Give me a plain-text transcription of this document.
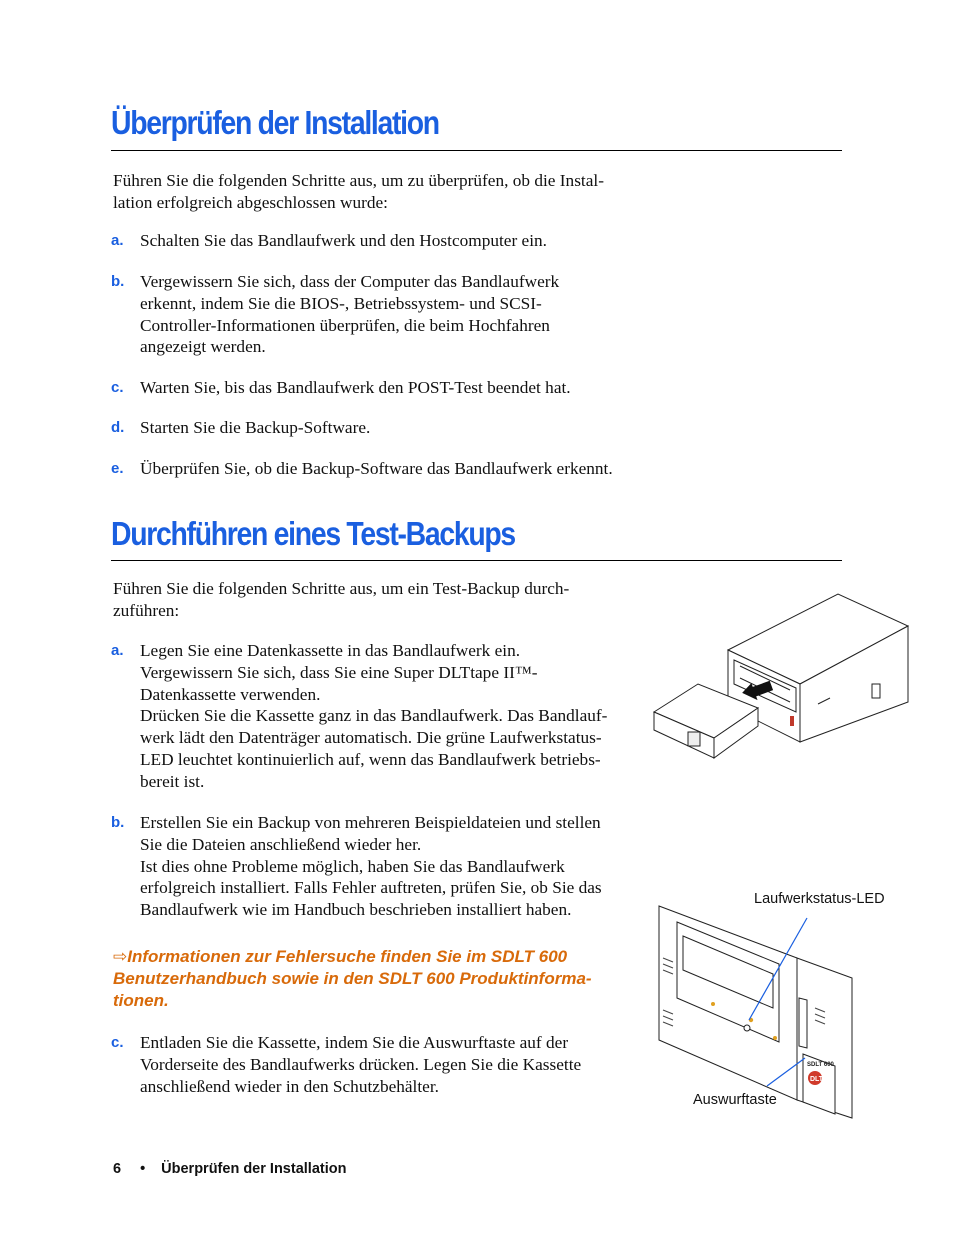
Überprüfen der Installation
Führen Sie die folgenden Schritte aus, um zu überprüfen, ob die Instal-
lation erfolgreich abgeschlossen wurde:
a. Schalten Sie das Bandlaufwerk und den Hostcomputer ein.
b. Vergewissern Sie sich, dass der Computer das Bandlaufwerk
erkennt, indem Sie die BIOS-, Betriebssystem- und SCSI-
Controller-Informationen überprüfen, die beim Hochfahren
angezeigt werden.
c. Warten Sie, bis das Bandlaufwerk den POST-Test beendet hat.
d. Starten Sie die Backup-Software.
e. Überprüfen Sie, ob die Backup-Software das Bandlaufwerk erkennt.
Durchführen eines Test-Backups
Führen Sie die folgenden Schritte aus, um ein Test-Backup durch-
zuführen:
a. Legen Sie eine Datenkassette in das Bandlaufwerk ein.
Vergewissern Sie sich, dass Sie eine Super DLTtape II™-
Datenkassette verwenden.
Drücken Sie die Kassette ganz in das Bandlaufwerk. Das Bandlauf-
werk lädt den Datenträger automatisch. Die grüne Laufwerkstatus-
LED leuchtet kontinuierlich auf, wenn das Bandlaufwerk betriebs-
bereit ist.
b. Erstellen Sie ein Backup von mehreren Beispieldateien und stellen
Sie die Dateien anschließend wieder her.
Ist dies ohne Probleme möglich, haben Sie das Bandlaufwerk
erfolgreich installiert. Falls Fehler auftreten, prüfen Sie, ob Sie das
Bandlaufwerk wie im Handbuch beschrieben installiert haben.
⇨Informationen zur Fehlersuche finden Sie im SDLT 600
Benutzerhandbuch sowie in den SDLT 600 Produktinforma-
tionen.
c. Entladen Sie die Kassette, indem Sie die Auswurftaste auf der
Vorderseite des Bandlaufwerks drücken. Legen Sie die Kassette
anschließend wieder in den Schutzbehälter.
SDLT 600
DLT
Laufwerkstatus-LED
Auswurftaste
6 • Überprüfen der Installation
